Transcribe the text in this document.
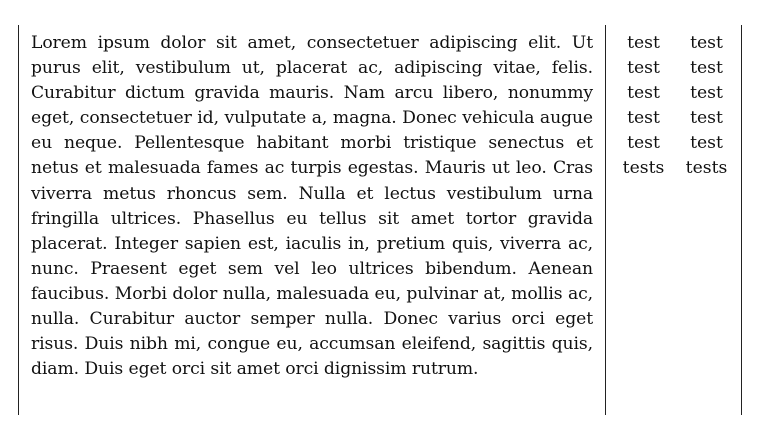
Lorem ipsum dolor sit amet, consectetuer adipiscing elit. Ut purus elit, vestibulum ut, placerat ac, adipiscing vitae, felis. Curabitur dictum gravida mauris. Nam arcu libero, nonummy eget, consectetuer id, vulputate a, magna. Donec vehicula augue eu neque. Pellentesque habitant morbi tristique senectus et netus et malesuada fames ac turpis egestas. Mauris ut leo. Cras viverra metus rhoncus sem. Nulla et lectus vestibulum urna fringilla ultrices. Phasellus eu tellus sit amet tortor gravida placerat. Integer sapien est, iaculis in, pretium quis, viverra ac, nunc. Praesent eget sem vel leo ultrices bibendum. Aenean faucibus. Morbi dolor nulla, malesuada eu, pulvinar at, mollis ac, nulla. Curabitur auctor semper nulla. Donec varius orci eget risus. Duis nibh mi, congue eu, accumsan eleifend, sagittis quis, diam. Duis eget orci sit amet orci dignissim rutrum.

test	test
test	test
test	test
test	test
test	test
tests	tests
